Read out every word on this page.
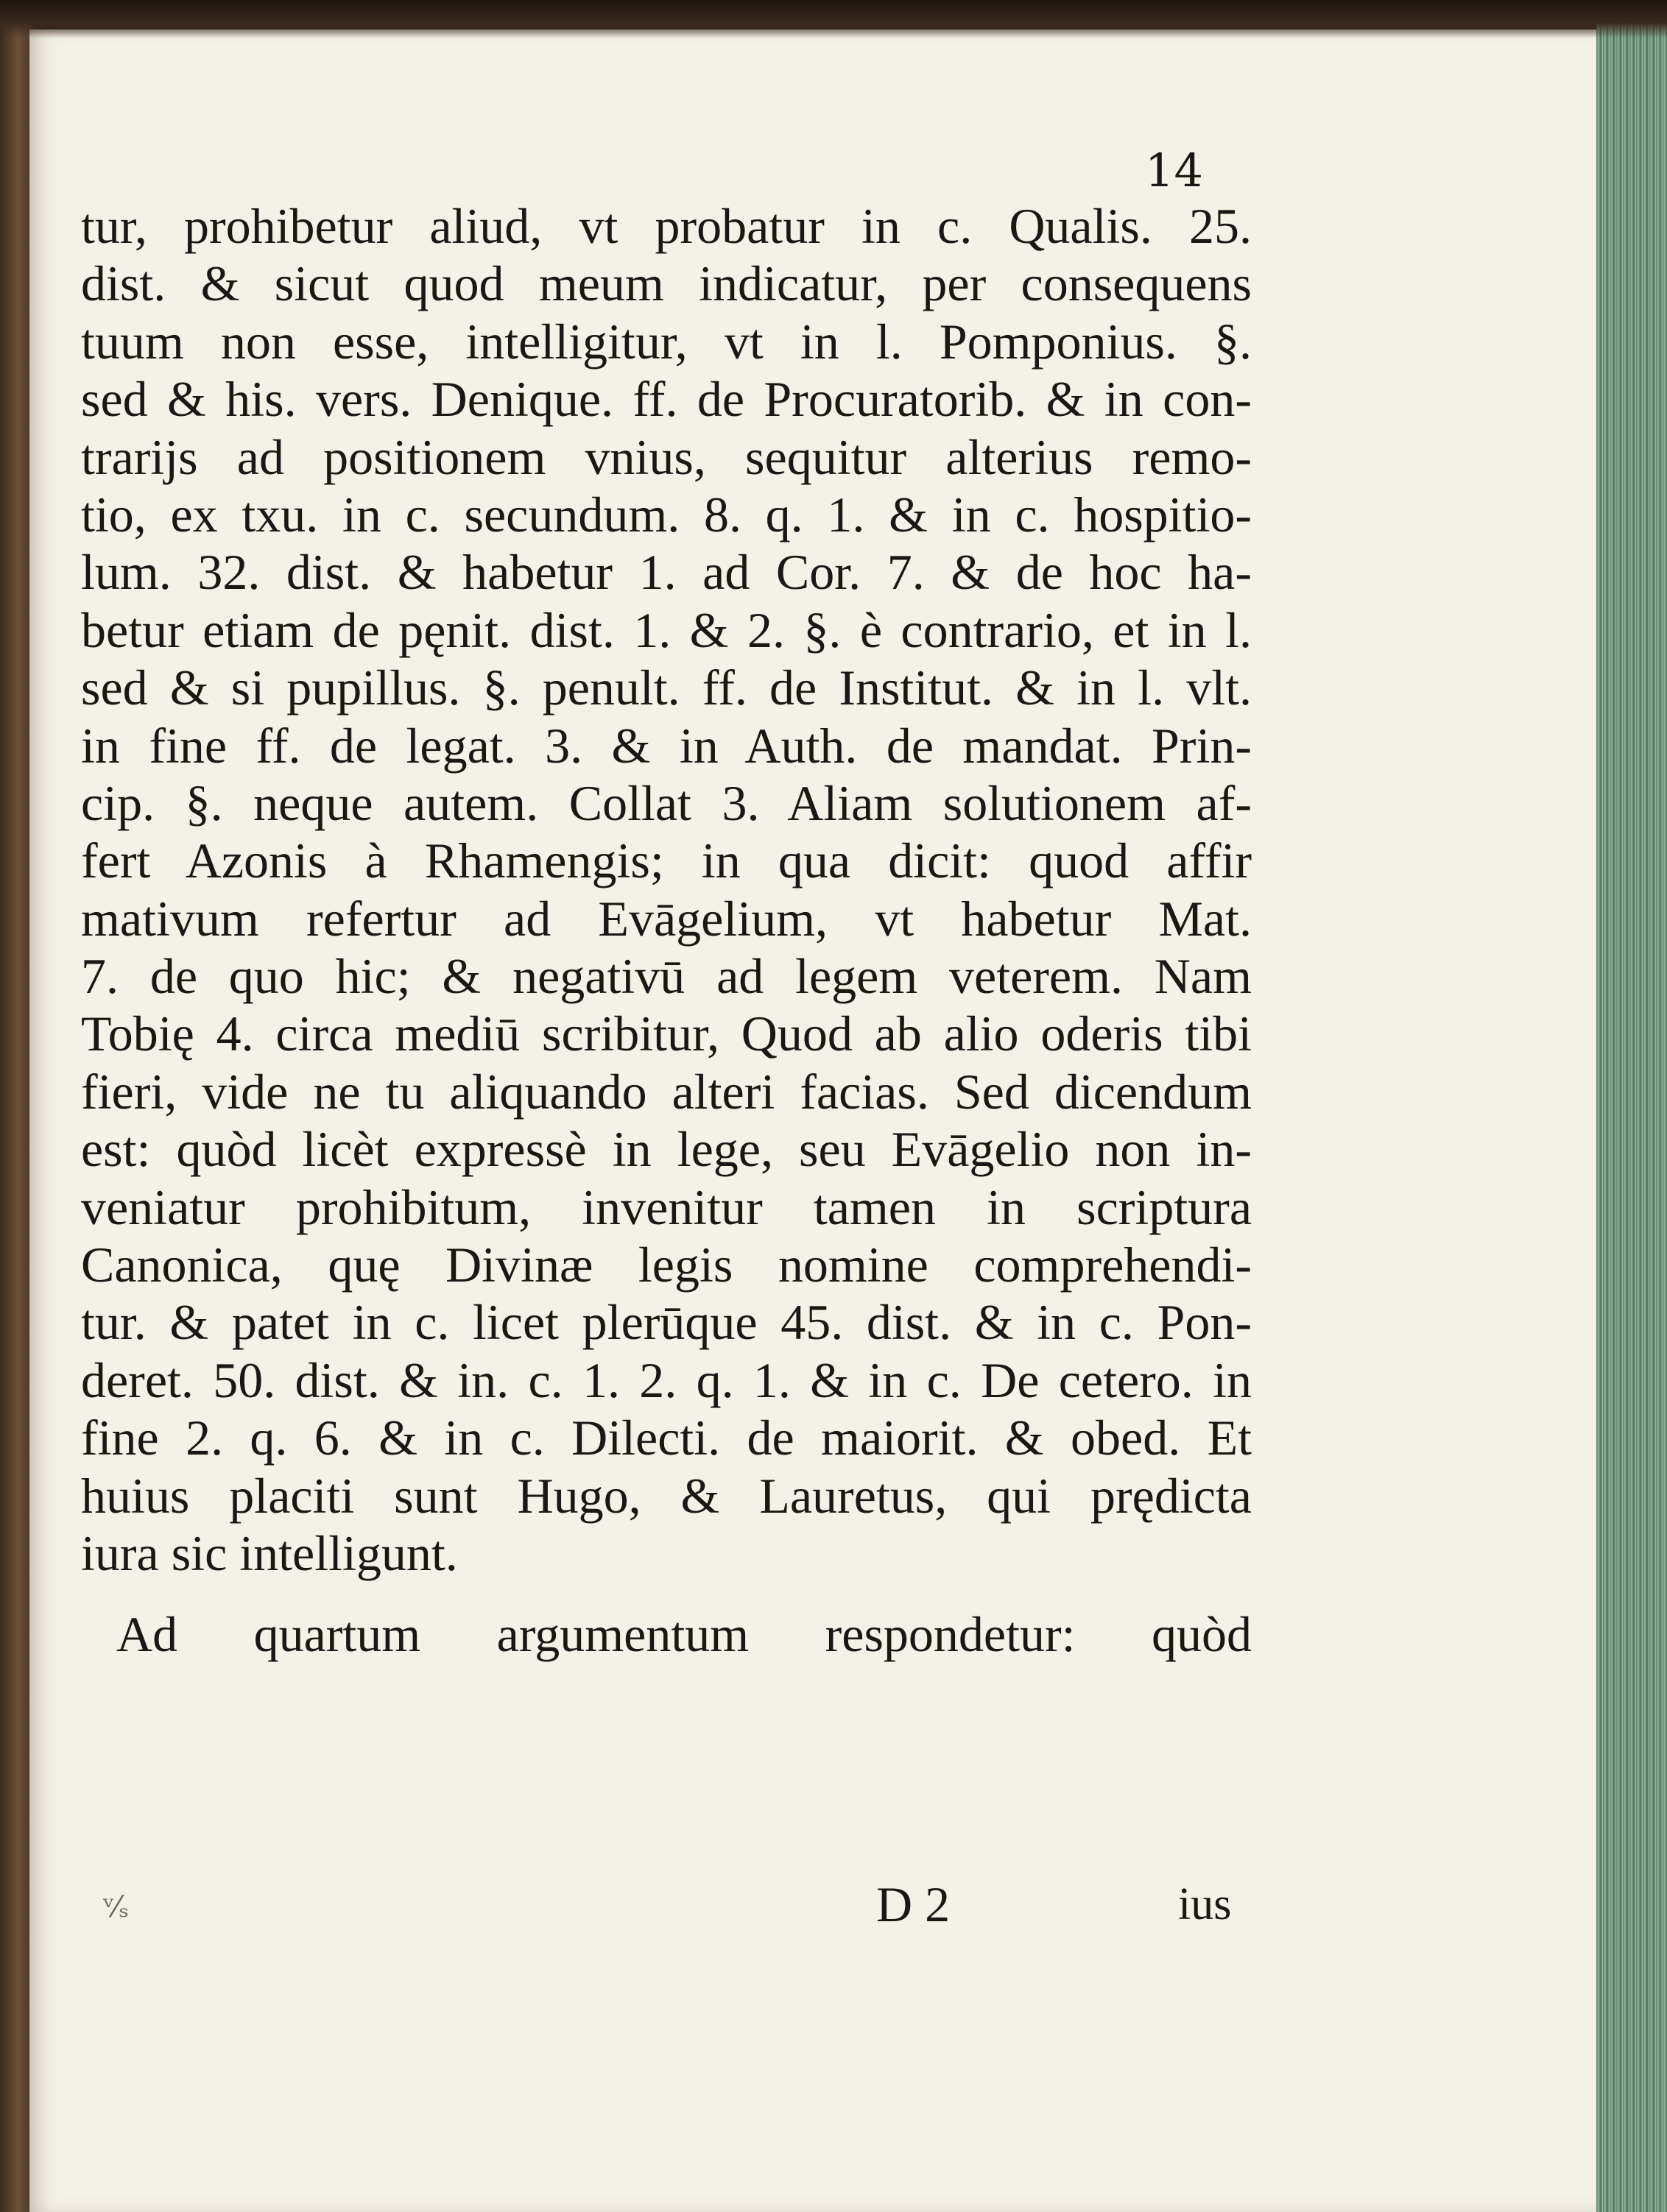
14
tur, prohibetur aliud, vt probatur in c. Qualis. 25.
dist. & sicut quod meum indicatur, per consequens
tuum non esse, intelligitur, vt in l. Pomponius. §.
sed & his. vers. Denique. ff. de Procuratorib. & in con-
trarijs ad positionem vnius, sequitur alterius remo-
tio, ex txu. in c. secundum. 8. q. 1. & in c. hospitio-
lum. 32. dist. & habetur 1. ad Cor. 7. & de hoc ha-
betur etiam de pęnit. dist. 1. & 2. §. è contrario, et in l.
sed & si pupillus. §. penult. ff. de Institut. & in l. vlt.
in fine ff. de legat. 3. & in Auth. de mandat. Prin-
cip. §. neque autem. Collat 3. Aliam solutionem af-
fert Azonis à Rhamengis; in qua dicit: quod affir
mativum refertur ad Evāgelium, vt habetur Mat.
7. de quo hic; & negativū ad legem veterem. Nam
Tobię 4. circa mediū scribitur, Quod ab alio oderis tibi
fieri, vide ne tu aliquando alteri facias. Sed dicendum
est: quòd licèt expressè in lege, seu Evāgelio non in-
veniatur prohibitum, invenitur tamen in scriptura
Canonica, quę Divinæ legis nomine comprehendi-
tur. & patet in c. licet plerūque 45. dist. & in c. Pon-
deret. 50. dist. & in. c. 1. 2. q. 1. & in c. De cetero. in
fine 2. q. 6. & in c. Dilecti. de maiorit. & obed. Et
huius placiti sunt Hugo, & Lauretus, qui prędicta
iura sic intelligunt.
Ad quartum argumentum respondetur: quòd
ᵛ⁄ₛ	D 2	ius
